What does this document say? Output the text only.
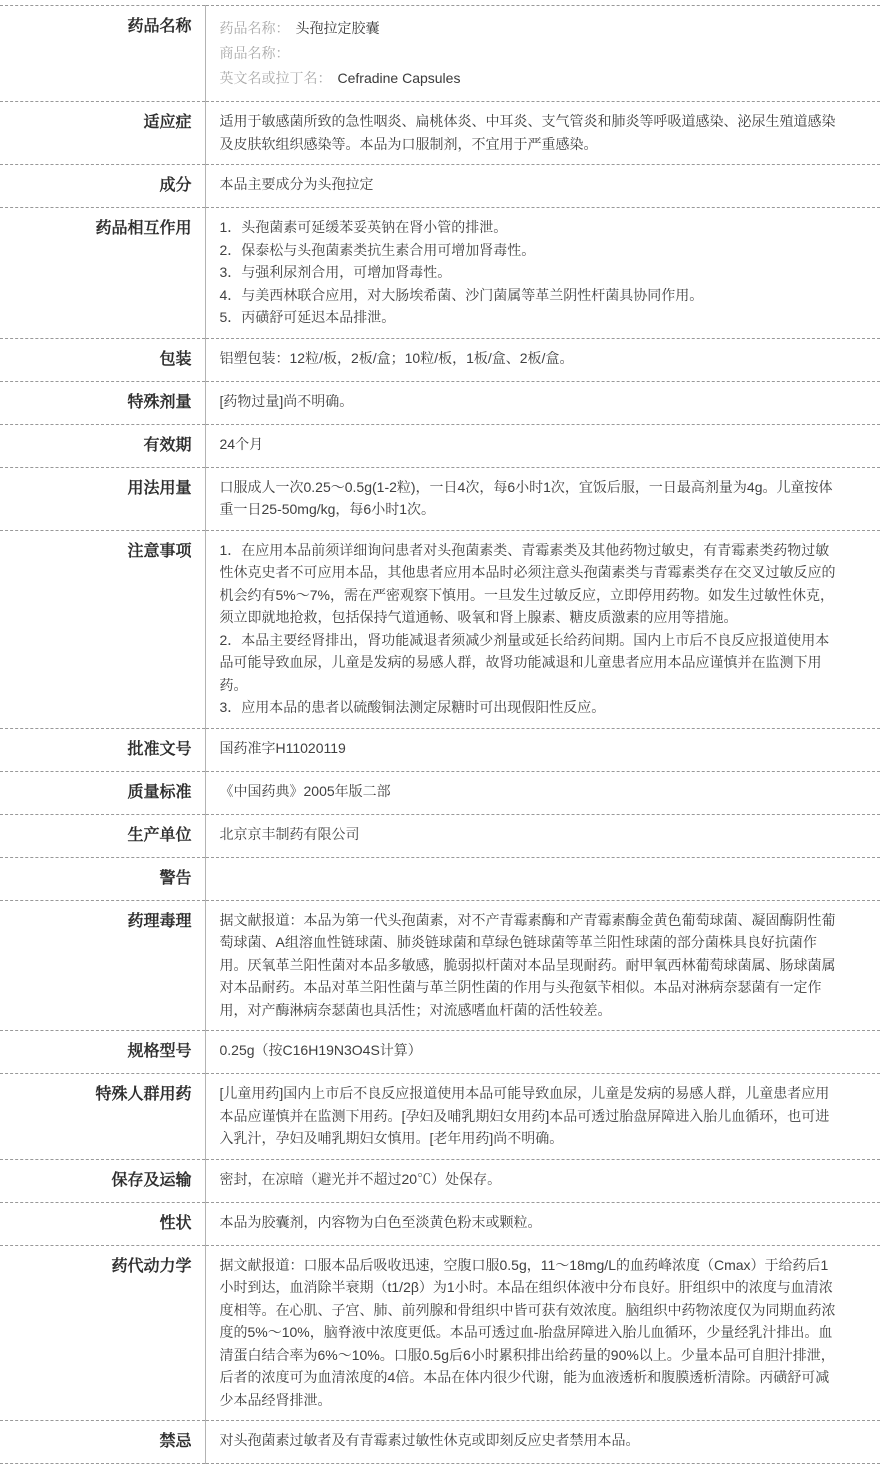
药品名称	药品名称： 头孢拉定胶囊
商品名称：
英文名或拉丁名： Cefradine Capsules

适应症	适用于敏感菌所致的急性咽炎、扁桃体炎、中耳炎、支气管炎和肺炎等呼吸道感染、泌尿生殖道感染及皮肤软组织感染等。本品为口服制剂，不宜用于严重感染。

成分	本品主要成分为头孢拉定

药品相互作用	1．头孢菌素可延缓苯妥英钠在肾小管的排泄。
2．保泰松与头孢菌素类抗生素合用可增加肾毒性。
3．与强利尿剂合用，可增加肾毒性。
4．与美西林联合应用，对大肠埃希菌、沙门菌属等革兰阴性杆菌具协同作用。
5．丙磺舒可延迟本品排泄。

包装	铝塑包装：12粒/板，2板/盒；10粒/板，1板/盒、2板/盒。

特殊剂量	[药物过量]尚不明确。

有效期	24个月

用法用量	口服成人一次0.25～0.5g(1-2粒)，一日4次，每6小时1次，宜饭后服，一日最高剂量为4g。儿童按体重一日25-50mg/kg，每6小时1次。

注意事项	1．在应用本品前须详细询问患者对头孢菌素类、青霉素类及其他药物过敏史，有青霉素类药物过敏性休克史者不可应用本品，其他患者应用本品时必须注意头孢菌素类与青霉素类存在交叉过敏反应的机会约有5%～7%，需在严密观察下慎用。一旦发生过敏反应，立即停用药物。如发生过敏性休克，须立即就地抢救，包括保持气道通畅、吸氧和肾上腺素、糖皮质激素的应用等措施。
2．本品主要经肾排出，肾功能减退者须减少剂量或延长给药间期。国内上市后不良反应报道使用本品可能导致血尿，儿童是发病的易感人群，故肾功能减退和儿童患者应用本品应谨慎并在监测下用药。
3．应用本品的患者以硫酸铜法测定尿糖时可出现假阳性反应。

批准文号	国药准字H11020119

质量标准	《中国药典》2005年版二部

生产单位	北京京丰制药有限公司

警告	

药理毒理	据文献报道：本品为第一代头孢菌素，对不产青霉素酶和产青霉素酶金黄色葡萄球菌、凝固酶阴性葡萄球菌、A组溶血性链球菌、肺炎链球菌和草绿色链球菌等革兰阳性球菌的部分菌株具良好抗菌作用。厌氧革兰阳性菌对本品多敏感，脆弱拟杆菌对本品呈现耐药。耐甲氧西林葡萄球菌属、肠球菌属对本品耐药。本品对革兰阳性菌与革兰阴性菌的作用与头孢氨苄相似。本品对淋病奈瑟菌有一定作用，对产酶淋病奈瑟菌也具活性；对流感嗜血杆菌的活性较差。

规格型号	0.25g（按C16H19N3O4S计算）

特殊人群用药	[儿童用药]国内上市后不良反应报道使用本品可能导致血尿，儿童是发病的易感人群，儿童患者应用本品应谨慎并在监测下用药。[孕妇及哺乳期妇女用药]本品可透过胎盘屏障进入胎儿血循环，也可进入乳汁，孕妇及哺乳期妇女慎用。[老年用药]尚不明确。

保存及运输	密封，在凉暗（避光并不超过20℃）处保存。

性状	本品为胶囊剂，内容物为白色至淡黄色粉末或颗粒。

药代动力学	据文献报道：口服本品后吸收迅速，空腹口服0.5g，11～18mg/L的血药峰浓度（Cmax）于给药后1小时到达，血消除半衰期（t1/2β）为1小时。本品在组织体液中分布良好。肝组织中的浓度与血清浓度相等。在心肌、子宫、肺、前列腺和骨组织中皆可获有效浓度。脑组织中药物浓度仅为同期血药浓度的5%～10%，脑脊液中浓度更低。本品可透过血-胎盘屏障进入胎儿血循环，少量经乳汁排出。血清蛋白结合率为6%～10%。口服0.5g后6小时累积排出给药量的90%以上。少量本品可自胆汁排泄，后者的浓度可为血清浓度的4倍。本品在体内很少代谢，能为血液透析和腹膜透析清除。丙磺舒可减少本品经肾排泄。

禁忌	对头孢菌素过敏者及有青霉素过敏性休克或即刻反应史者禁用本品。
